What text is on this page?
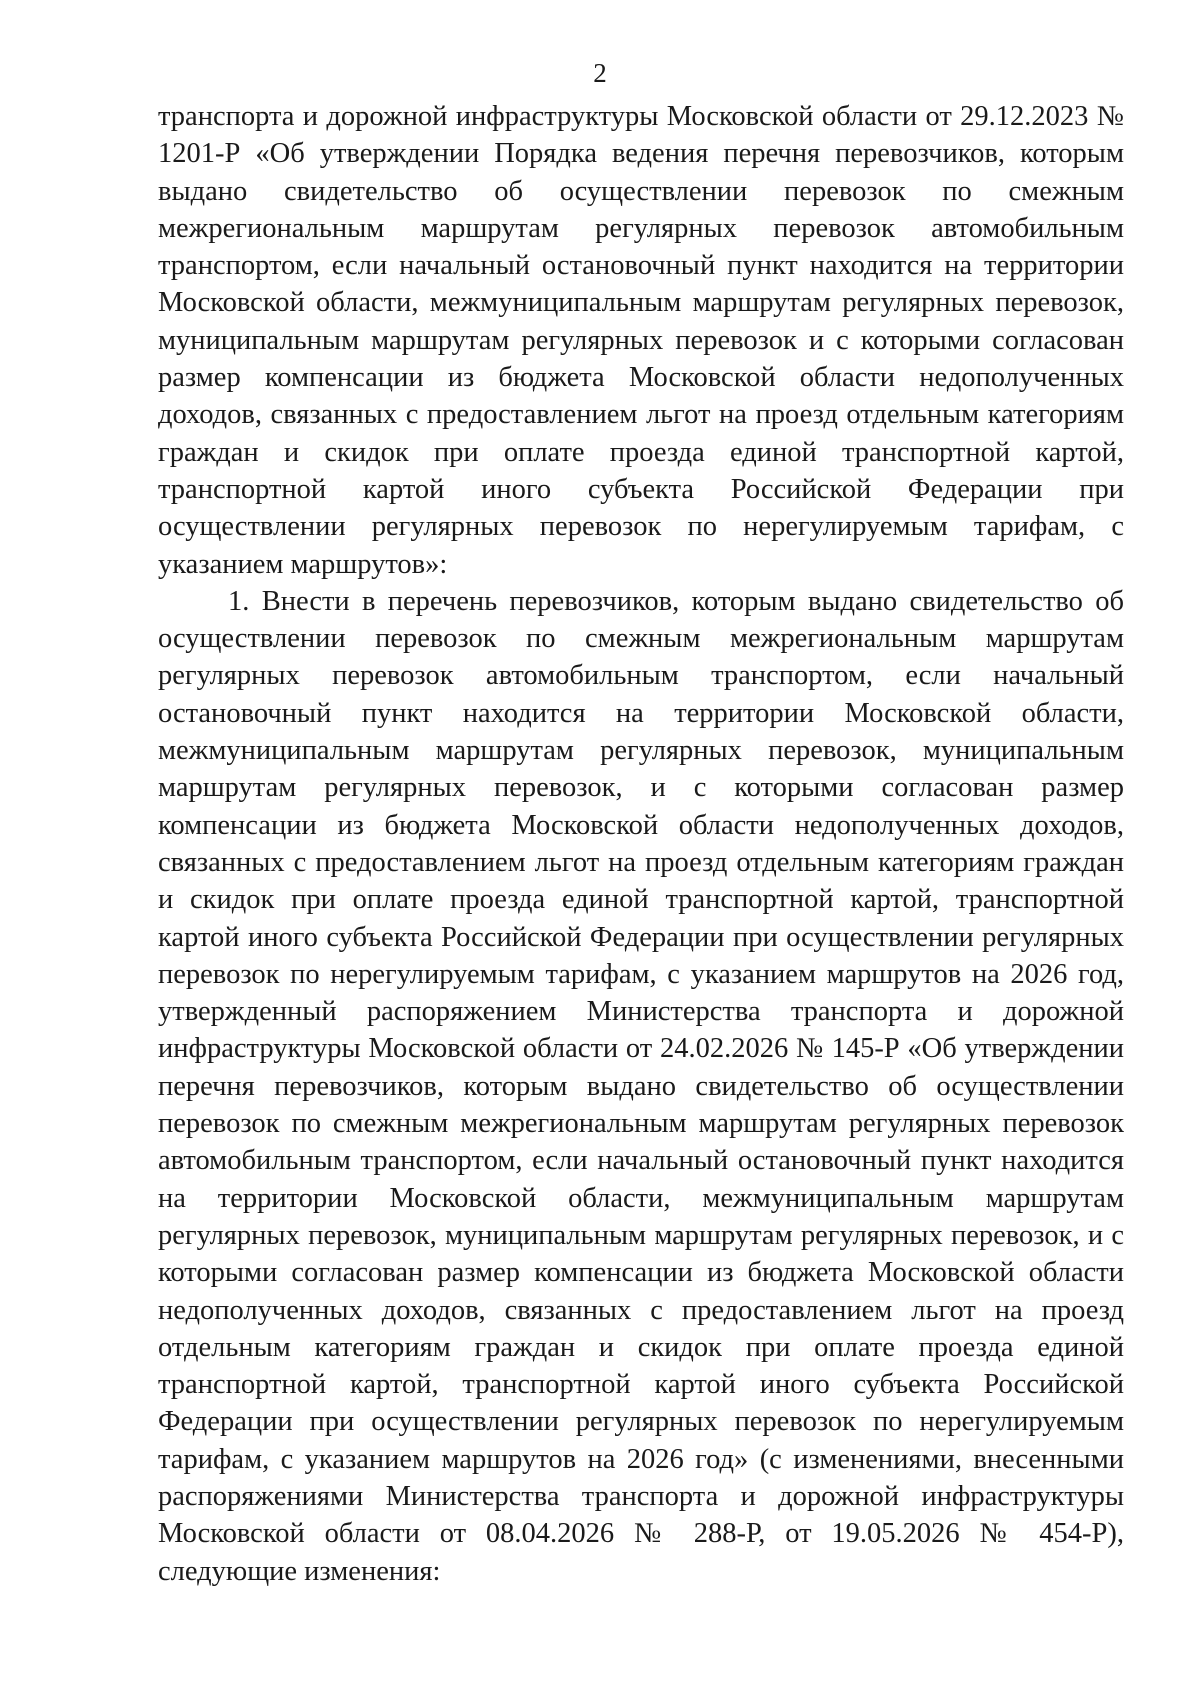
2

транспорта и дорожной инфраструктуры Московской области от 29.12.2023 № 1201-Р «Об утверждении Порядка ведения перечня перевозчиков, которым выдано свидетельство об осуществлении перевозок по смежным межрегиональным маршрутам регулярных перевозок автомобильным транспортом, если начальный остановочный пункт находится на территории Московской области, межмуниципальным маршрутам регулярных перевозок, муниципальным маршрутам регулярных перевозок и с которыми согласован размер компенсации из бюджета Московской области недополученных доходов, связанных с предоставлением льгот на проезд отдельным категориям граждан и скидок при оплате проезда единой транспортной картой, транспортной картой иного субъекта Российской Федерации при осуществлении регулярных перевозок по нерегулируемым тарифам, с указанием маршрутов»:

1. Внести в перечень перевозчиков, которым выдано свидетельство об осуществлении перевозок по смежным межрегиональным маршрутам регулярных перевозок автомобильным транспортом, если начальный остановочный пункт находится на территории Московской области, межмуниципальным маршрутам регулярных перевозок, муниципальным маршрутам регулярных перевозок, и с которыми согласован размер компенсации из бюджета Московской области недополученных доходов, связанных с предоставлением льгот на проезд отдельным категориям граждан и скидок при оплате проезда единой транспортной картой, транспортной картой иного субъекта Российской Федерации при осуществлении регулярных перевозок по нерегулируемым тарифам, с указанием маршрутов на 2026 год, утвержденный распоряжением Министерства транспорта и дорожной инфраструктуры Московской области от 24.02.2026 № 145-Р «Об утверждении перечня перевозчиков, которым выдано свидетельство об осуществлении перевозок по смежным межрегиональным маршрутам регулярных перевозок автомобильным транспортом, если начальный остановочный пункт находится на территории Московской области, межмуниципальным маршрутам регулярных перевозок, муниципальным маршрутам регулярных перевозок, и с которыми согласован размер компенсации из бюджета Московской области недополученных доходов, связанных с предоставлением льгот на проезд отдельным категориям граждан и скидок при оплате проезда единой транспортной картой, транспортной картой иного субъекта Российской Федерации при осуществлении регулярных перевозок по нерегулируемым тарифам, с указанием маршрутов на 2026 год» (с изменениями, внесенными распоряжениями Министерства транспорта и дорожной инфраструктуры Московской области от 08.04.2026 № 288-Р, от 19.05.2026 № 454-Р), следующие изменения:
